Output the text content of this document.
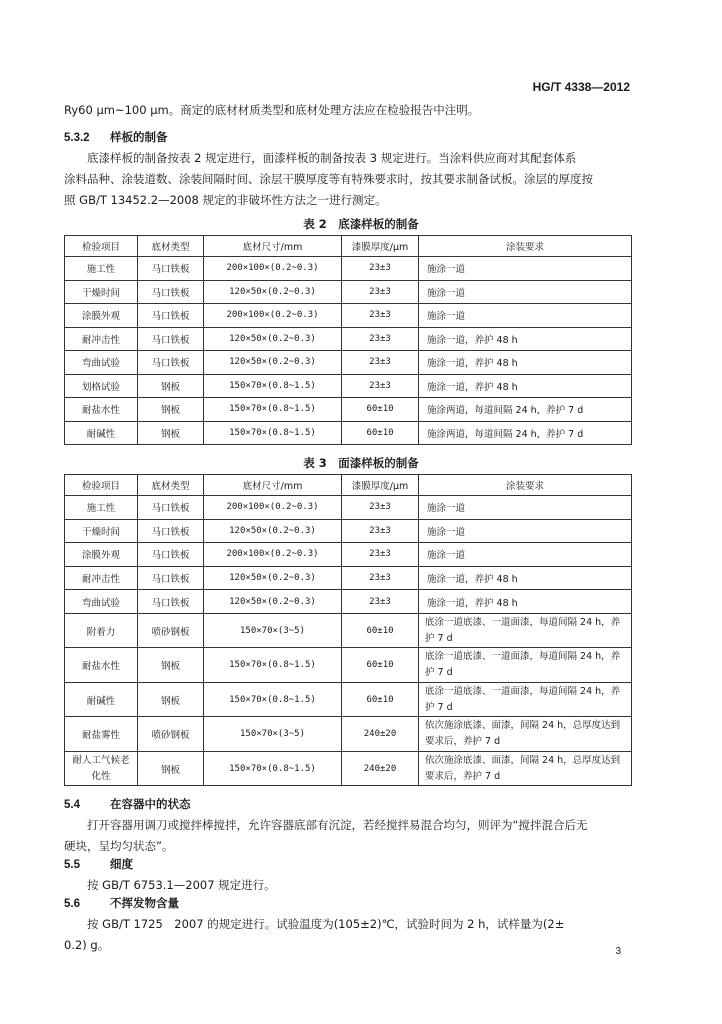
HG/T 4338—2012
Ry60 μm~100 μm。商定的底材材质类型和底材处理方法应在检验报告中注明。
5.3.2 样板的制备
底漆样板的制备按表 2 规定进行，面漆样板的制备按表 3 规定进行。当涂料供应商对其配套体系
涂料品种、涂装道数、涂装间隔时间、涂层干膜厚度等有特殊要求时，按其要求制备试板。涂层的厚度按
照 GB/T 13452.2—2008 规定的非破坏性方法之一进行测定。
表 2　底漆样板的制备
检验项目	底材类型	底材尺寸/mm	漆膜厚度/μm	涂装要求
施工性	马口铁板	200×100×(0.2~0.3)	23±3	施涂一道
干燥时间	马口铁板	120×50×(0.2~0.3)	23±3	施涂一道
涂膜外观	马口铁板	200×100×(0.2~0.3)	23±3	施涂一道
耐冲击性	马口铁板	120×50×(0.2~0.3)	23±3	施涂一道，养护 48 h
弯曲试验	马口铁板	120×50×(0.2~0.3)	23±3	施涂一道，养护 48 h
划格试验	钢板	150×70×(0.8~1.5)	23±3	施涂一道，养护 48 h
耐盐水性	钢板	150×70×(0.8~1.5)	60±10	施涂两道，每道间隔 24 h，养护 7 d
耐碱性	钢板	150×70×(0.8~1.5)	60±10	施涂两道，每道间隔 24 h，养护 7 d
表 3　面漆样板的制备
检验项目	底材类型	底材尺寸/mm	漆膜厚度/μm	涂装要求
施工性	马口铁板	200×100×(0.2~0.3)	23±3	施涂一道
干燥时间	马口铁板	120×50×(0.2~0.3)	23±3	施涂一道
涂膜外观	马口铁板	200×100×(0.2~0.3)	23±3	施涂一道
耐冲击性	马口铁板	120×50×(0.2~0.3)	23±3	施涂一道，养护 48 h
弯曲试验	马口铁板	120×50×(0.2~0.3)	23±3	施涂一道，养护 48 h
附着力	喷砂钢板	150×70×(3~5)	60±10	底涂一道底漆、一道面漆，每道间隔 24 h，养护 7 d
耐盐水性	钢板	150×70×(0.8~1.5)	60±10	底涂一道底漆、一道面漆，每道间隔 24 h，养护 7 d
耐碱性	钢板	150×70×(0.8~1.5)	60±10	底涂一道底漆、一道面漆，每道间隔 24 h，养护 7 d
耐盐雾性	喷砂钢板	150×70×(3~5)	240±20	依次施涂底漆、面漆，间隔 24 h，总厚度达到要求后，养护 7 d
耐人工气候老化性	钢板	150×70×(0.8~1.5)	240±20	依次施涂底漆、面漆，间隔 24 h，总厚度达到要求后，养护 7 d
5.4	在容器中的状态
打开容器用调刀或搅拌棒搅拌，允许容器底部有沉淀，若经搅拌易混合均匀，则评为“搅拌混合后无
硬块，呈均匀状态”。
5.5	细度
按 GB/T 6753.1—2007 规定进行。
5.6	不挥发物含量
按 GB/T 1725　2007 的规定进行。试验温度为(105±2)℃，试验时间为 2 h，试样量为(2±
0.2) g。	3
